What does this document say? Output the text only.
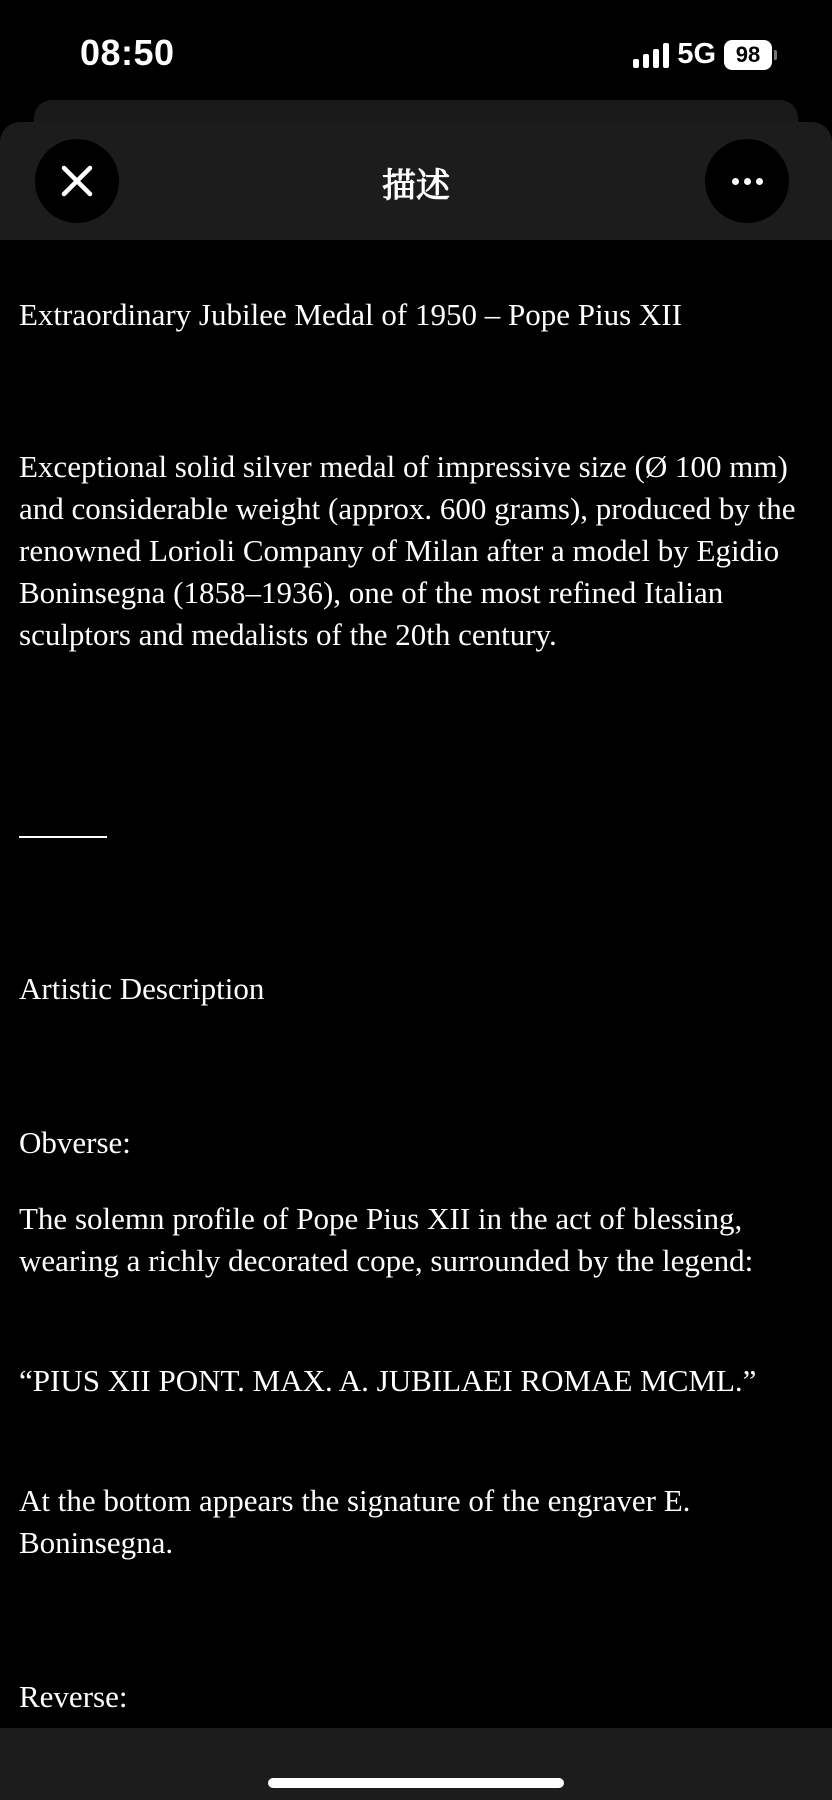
08:50	5G 98
描述

Extraordinary Jubilee Medal of 1950 – Pope Pius XII

Exceptional solid silver medal of impressive size (Ø 100 mm) and considerable weight (approx. 600 grams), produced by the renowned Lorioli Company of Milan after a model by Egidio Boninsegna (1858–1936), one of the most refined Italian sculptors and medalists of the 20th century.

Artistic Description

Obverse:

The solemn profile of Pope Pius XII in the act of blessing, wearing a richly decorated cope, surrounded by the legend:

“PIUS XII PONT. MAX. A. JUBILAEI ROMAE MCML.”

At the bottom appears the signature of the engraver E. Boninsegna.

Reverse:
